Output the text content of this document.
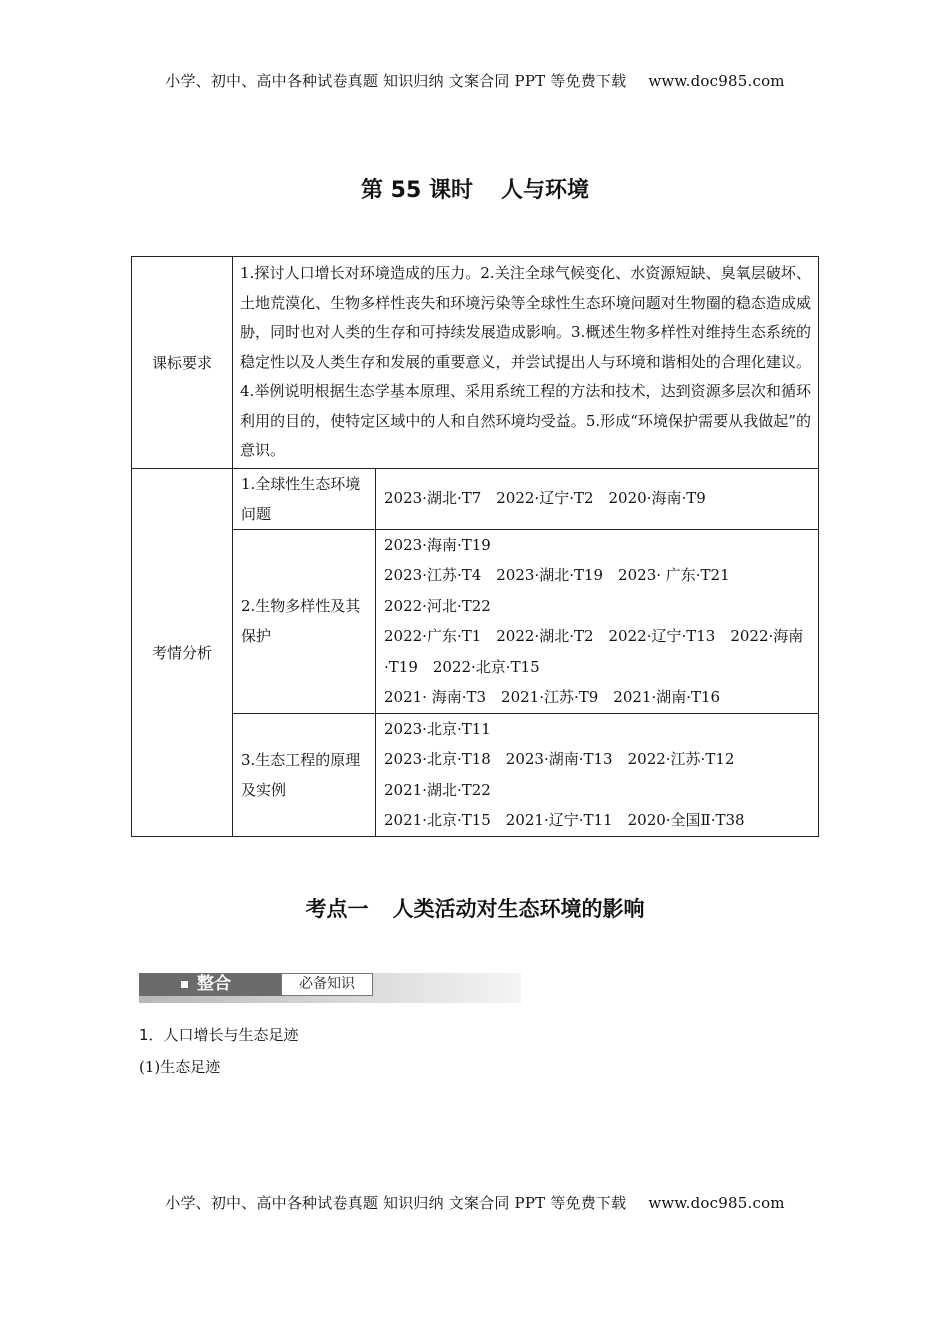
小学、初中、高中各种试卷真题 知识归纳 文案合同 PPT 等免费下载 www.doc985.com
第 55 课时 人与环境
课标要求	1.探讨人口增长对环境造成的压力。2.关注全球气候变化、水资源短缺、臭氧层破坏、土地荒漠化、生物多样性丧失和环境污染等全球性生态环境问题对生物圈的稳态造成威胁，同时也对人类的生存和可持续发展造成影响。3.概述生物多样性对维持生态系统的稳定性以及人类生存和发展的重要意义，并尝试提出人与环境和谐相处的合理化建议。4.举例说明根据生态学基本原理、采用系统工程的方法和技术，达到资源多层次和循环利用的目的，使特定区域中的人和自然环境均受益。5.形成“环境保护需要从我做起”的意识。	
考情分析	1.全球性生态环境问题	2023·湖北·T7　2022·辽宁·T2　2020·海南·T9

	2.生物多样性及其保护	2023·海南·T19
2023·江苏·T4　2023·湖北·T19　2023· 广东·T21
2022·河北·T22
2022·广东·T1　2022·湖北·T2　2022·辽宁·T13　2022·海南·T19　2022·北京·T15
2021· 海南·T3　2021·江苏·T9　2021·湖南·T16

	3.生态工程的原理及实例	2023·北京·T11
2023·北京·T18　2023·湖南·T13　2022·江苏·T12
2021·湖北·T22
2021·北京·T15　2021·辽宁·T11　2020·全国Ⅱ·T38
考点一 人类活动对生态环境的影响
整合	必备知识
1．人口增长与生态足迹
(1)生态足迹
小学、初中、高中各种试卷真题 知识归纳 文案合同 PPT 等免费下载 www.doc985.com
